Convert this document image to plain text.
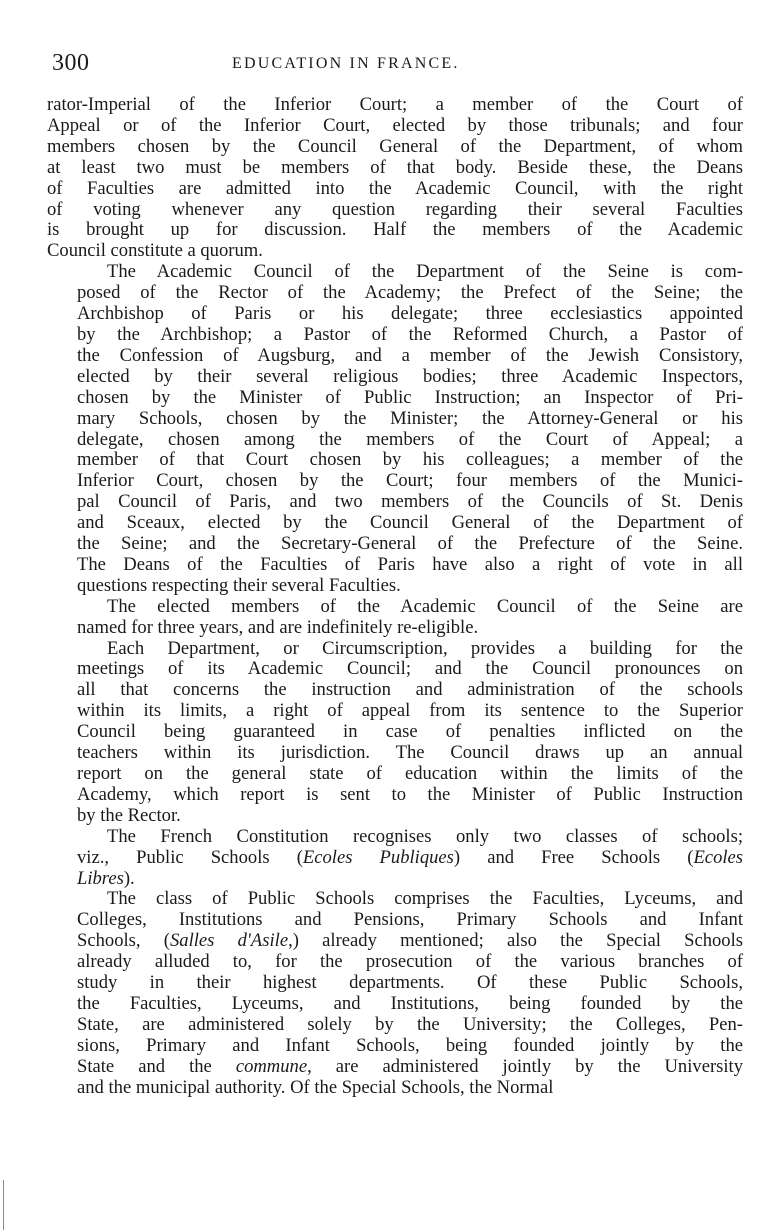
300	EDUCATION IN FRANCE.

rator-Imperial of the Inferior Court; a member of the Court of
Appeal or of the Inferior Court, elected by those tribunals; and four
members chosen by the Council General of the Department, of whom
at least two must be members of that body. Beside these, the Deans
of Faculties are admitted into the Academic Council, with the right
of voting whenever any question regarding their several Faculties
is brought up for discussion. Half the members of the Academic
Council constitute a quorum.

The Academic Council of the Department of the Seine is com-
posed of the Rector of the Academy; the Prefect of the Seine; the
Archbishop of Paris or his delegate; three ecclesiastics appointed
by the Archbishop; a Pastor of the Reformed Church, a Pastor of
the Confession of Augsburg, and a member of the Jewish Consistory,
elected by their several religious bodies; three Academic Inspectors,
chosen by the Minister of Public Instruction; an Inspector of Pri-
mary Schools, chosen by the Minister; the Attorney-General or his
delegate, chosen among the members of the Court of Appeal; a
member of that Court chosen by his colleagues; a member of the
Inferior Court, chosen by the Court; four members of the Munici-
pal Council of Paris, and two members of the Councils of St. Denis
and Sceaux, elected by the Council General of the Department of
the Seine; and the Secretary-General of the Prefecture of the Seine.
The Deans of the Faculties of Paris have also a right of vote in all
questions respecting their several Faculties.

The elected members of the Academic Council of the Seine are
named for three years, and are indefinitely re-eligible.

Each Department, or Circumscription, provides a building for the
meetings of its Academic Council; and the Council pronounces on
all that concerns the instruction and administration of the schools
within its limits, a right of appeal from its sentence to the Superior
Council being guaranteed in case of penalties inflicted on the
teachers within its jurisdiction. The Council draws up an annual
report on the general state of education within the limits of the
Academy, which report is sent to the Minister of Public Instruction
by the Rector.

The French Constitution recognises only two classes of schools;
viz., Public Schools (Ecoles Publiques) and Free Schools (Ecoles
Libres).

The class of Public Schools comprises the Faculties, Lyceums, and
Colleges, Institutions and Pensions, Primary Schools and Infant
Schools, (Salles d'Asile,) already mentioned; also the Special Schools
already alluded to, for the prosecution of the various branches of
study in their highest departments. Of these Public Schools,
the Faculties, Lyceums, and Institutions, being founded by the
State, are administered solely by the University; the Colleges, Pen-
sions, Primary and Infant Schools, being founded jointly by the
State and the commune, are administered jointly by the University
and the municipal authority. Of the Special Schools, the Normal
